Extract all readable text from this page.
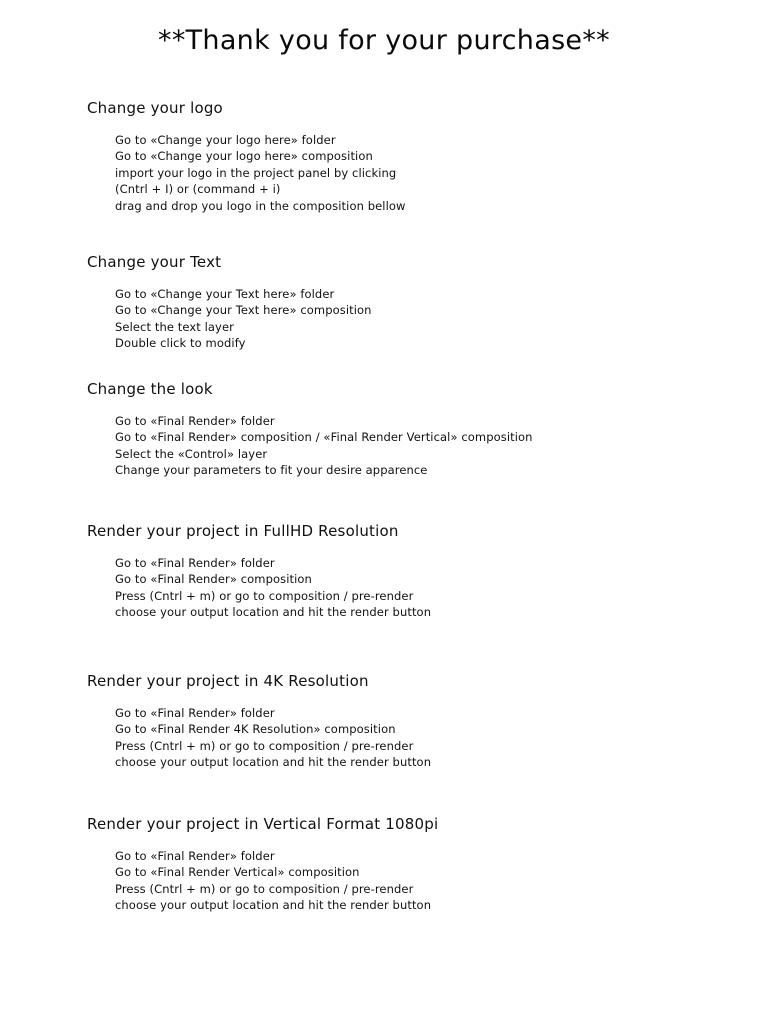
**Thank you for your purchase**
Change your logo
Go to «Change your logo here» folder
Go to «Change your logo here» composition
import your logo in the project panel by clicking
(Cntrl + I) or (command + i)
drag and drop you logo in the composition bellow
Change your Text
Go to «Change your Text here» folder
Go to «Change your Text here» composition
Select the text layer
Double click to modify
Change the look
Go to «Final Render» folder
Go to «Final Render» composition / «Final Render Vertical» composition
Select the «Control» layer
Change your parameters to fit your desire apparence
Render your project in FullHD Resolution
Go to «Final Render» folder
Go to «Final Render» composition
Press (Cntrl + m) or go to composition / pre-render
choose your output location and hit the render button
Render your project in 4K Resolution
Go to «Final Render» folder
Go to «Final Render 4K Resolution» composition
Press (Cntrl + m) or go to composition / pre-render
choose your output location and hit the render button
Render your project in Vertical Format 1080pi
Go to «Final Render» folder
Go to «Final Render Vertical» composition
Press (Cntrl + m) or go to composition / pre-render
choose your output location and hit the render button
